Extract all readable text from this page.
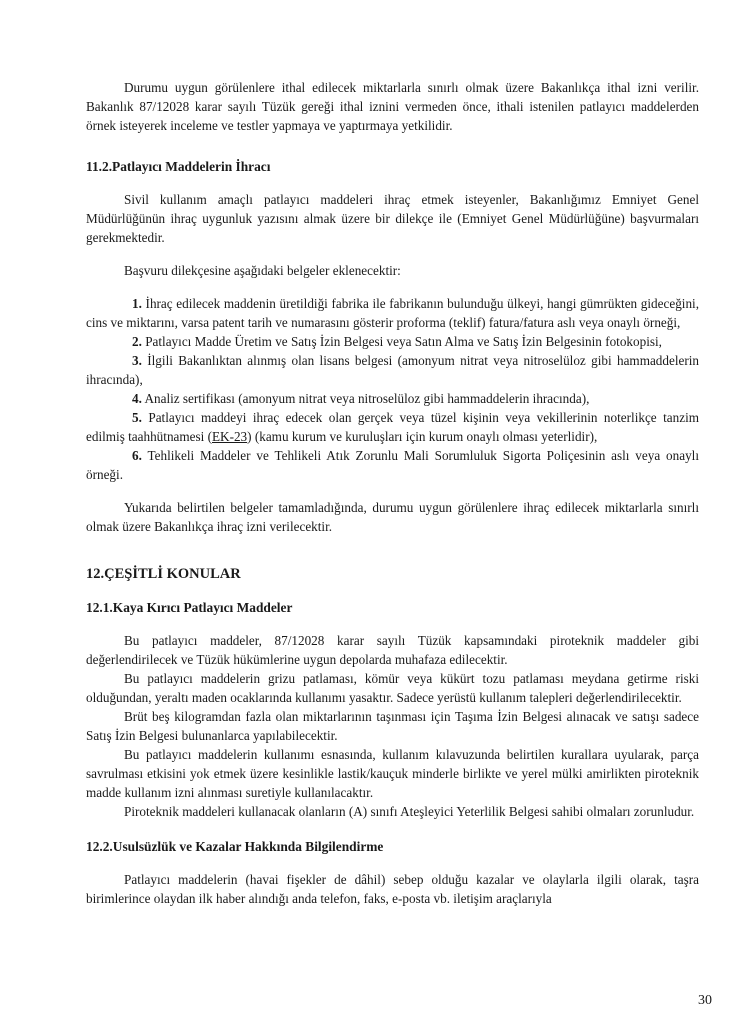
Durumu uygun görülenlere ithal edilecek miktarlarla sınırlı olmak üzere Bakanlıkça ithal izni verilir. Bakanlık 87/12028 karar sayılı Tüzük gereği ithal iznini vermeden önce, ithali istenilen patlayıcı maddelerden örnek isteyerek inceleme ve testler yapmaya ve yaptırmaya yetkilidir.

11.2.Patlayıcı Maddelerin İhracı

Sivil kullanım amaçlı patlayıcı maddeleri ihraç etmek isteyenler, Bakanlığımız Emniyet Genel Müdürlüğünün ihraç uygunluk yazısını almak üzere bir dilekçe ile (Emniyet Genel Müdürlüğüne) başvurmaları gerekmektedir.

Başvuru dilekçesine aşağıdaki belgeler eklenecektir:

1. İhraç edilecek maddenin üretildiği fabrika ile fabrikanın bulunduğu ülkeyi, hangi gümrükten gideceğini, cins ve miktarını, varsa patent tarih ve numarasını gösterir proforma (teklif) fatura/fatura aslı veya onaylı örneği,

2. Patlayıcı Madde Üretim ve Satış İzin Belgesi veya Satın Alma ve Satış İzin Belgesinin fotokopisi,

3. İlgili Bakanlıktan alınmış olan lisans belgesi (amonyum nitrat veya nitroselüloz gibi hammaddelerin ihracında),

4. Analiz sertifikası (amonyum nitrat veya nitroselüloz gibi hammaddelerin ihracında),

5. Patlayıcı maddeyi ihraç edecek olan gerçek veya tüzel kişinin veya vekillerinin noterlikçe tanzim edilmiş taahhütnamesi (EK-23) (kamu kurum ve kuruluşları için kurum onaylı olması yeterlidir),

6. Tehlikeli Maddeler ve Tehlikeli Atık Zorunlu Mali Sorumluluk Sigorta Poliçesinin aslı veya onaylı örneği.

Yukarıda belirtilen belgeler tamamladığında, durumu uygun görülenlere ihraç edilecek miktarlarla sınırlı olmak üzere Bakanlıkça ihraç izni verilecektir.

12.ÇEŞİTLİ KONULAR
12.1.Kaya Kırıcı Patlayıcı Maddeler

Bu patlayıcı maddeler, 87/12028 karar sayılı Tüzük kapsamındaki piroteknik maddeler gibi değerlendirilecek ve Tüzük hükümlerine uygun depolarda muhafaza edilecektir.

Bu patlayıcı maddelerin grizu patlaması, kömür veya kükürt tozu patlaması meydana getirme riski olduğundan, yeraltı maden ocaklarında kullanımı yasaktır. Sadece yerüstü kullanım talepleri değerlendirilecektir.

Brüt beş kilogramdan fazla olan miktarlarının taşınması için Taşıma İzin Belgesi alınacak ve satışı sadece Satış İzin Belgesi bulunanlarca yapılabilecektir.

Bu patlayıcı maddelerin kullanımı esnasında, kullanım kılavuzunda belirtilen kurallara uyularak, parça savrulması etkisini yok etmek üzere kesinlikle lastik/kauçuk minderle birlikte ve yerel mülki amirlikten piroteknik madde kullanım izni alınması suretiyle kullanılacaktır.

Piroteknik maddeleri kullanacak olanların (A) sınıfı Ateşleyici Yeterlilik Belgesi sahibi olmaları zorunludur.

12.2.Usulsüzlük ve Kazalar Hakkında Bilgilendirme

Patlayıcı maddelerin (havai fişekler de dâhil) sebep olduğu kazalar ve olaylarla ilgili olarak, taşra birimlerince olaydan ilk haber alındığı anda telefon, faks, e-posta vb. iletişim araçlarıyla

30
